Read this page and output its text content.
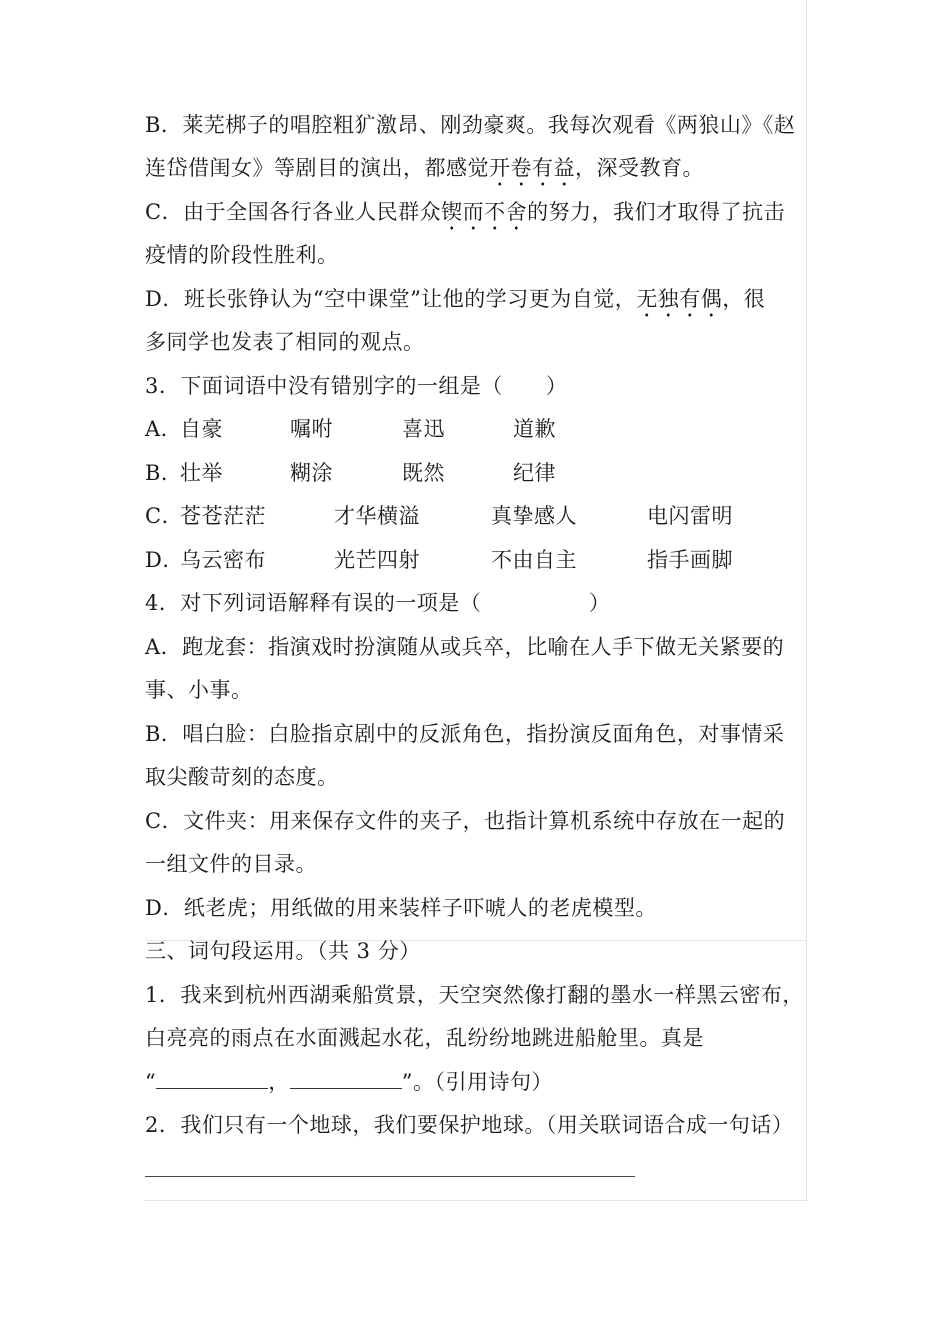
B．莱芜梆子的唱腔粗犷激昂、刚劲豪爽。我每次观看《两狼山》《赵
连岱借闺女》等剧目的演出，都感觉开卷有益，深受教育。
C．由于全国各行各业人民群众锲而不舍的努力，我们才取得了抗击
疫情的阶段性胜利。
D．班长张铮认为“空中课堂”让他的学习更为自觉，无独有偶，很
多同学也发表了相同的观点。
3．下面词语中没有错别字的一组是（　　）
A．
自豪	嘱咐	喜迅	道歉
B．
壮举	糊涂	既然	纪律
C．
苍苍茫茫	才华横溢	真挚感人	电闪雷明
D．
乌云密布	光芒四射	不由自主	指手画脚
4．对下列词语解释有误的一项是（　　　　　）
A．跑龙套：指演戏时扮演随从或兵卒，比喻在人手下做无关紧要的
事、小事。
B．唱白脸：白脸指京剧中的反派角色，指扮演反面角色，对事情采
取尖酸苛刻的态度。
C．文件夹：用来保存文件的夹子，也指计算机系统中存放在一起的
一组文件的目录。
D．纸老虎；用纸做的用来装样子吓唬人的老虎模型。
三、词句段运用。（共 3 分）
1．我来到杭州西湖乘船赏景，天空突然像打翻的墨水一样黑云密布，
白亮亮的雨点在水面溅起水花，乱纷纷地跳进船舱里。真是
“	，	”。（引用诗句）
2．我们只有一个地球，我们要保护地球。（用关联词语合成一句话）
